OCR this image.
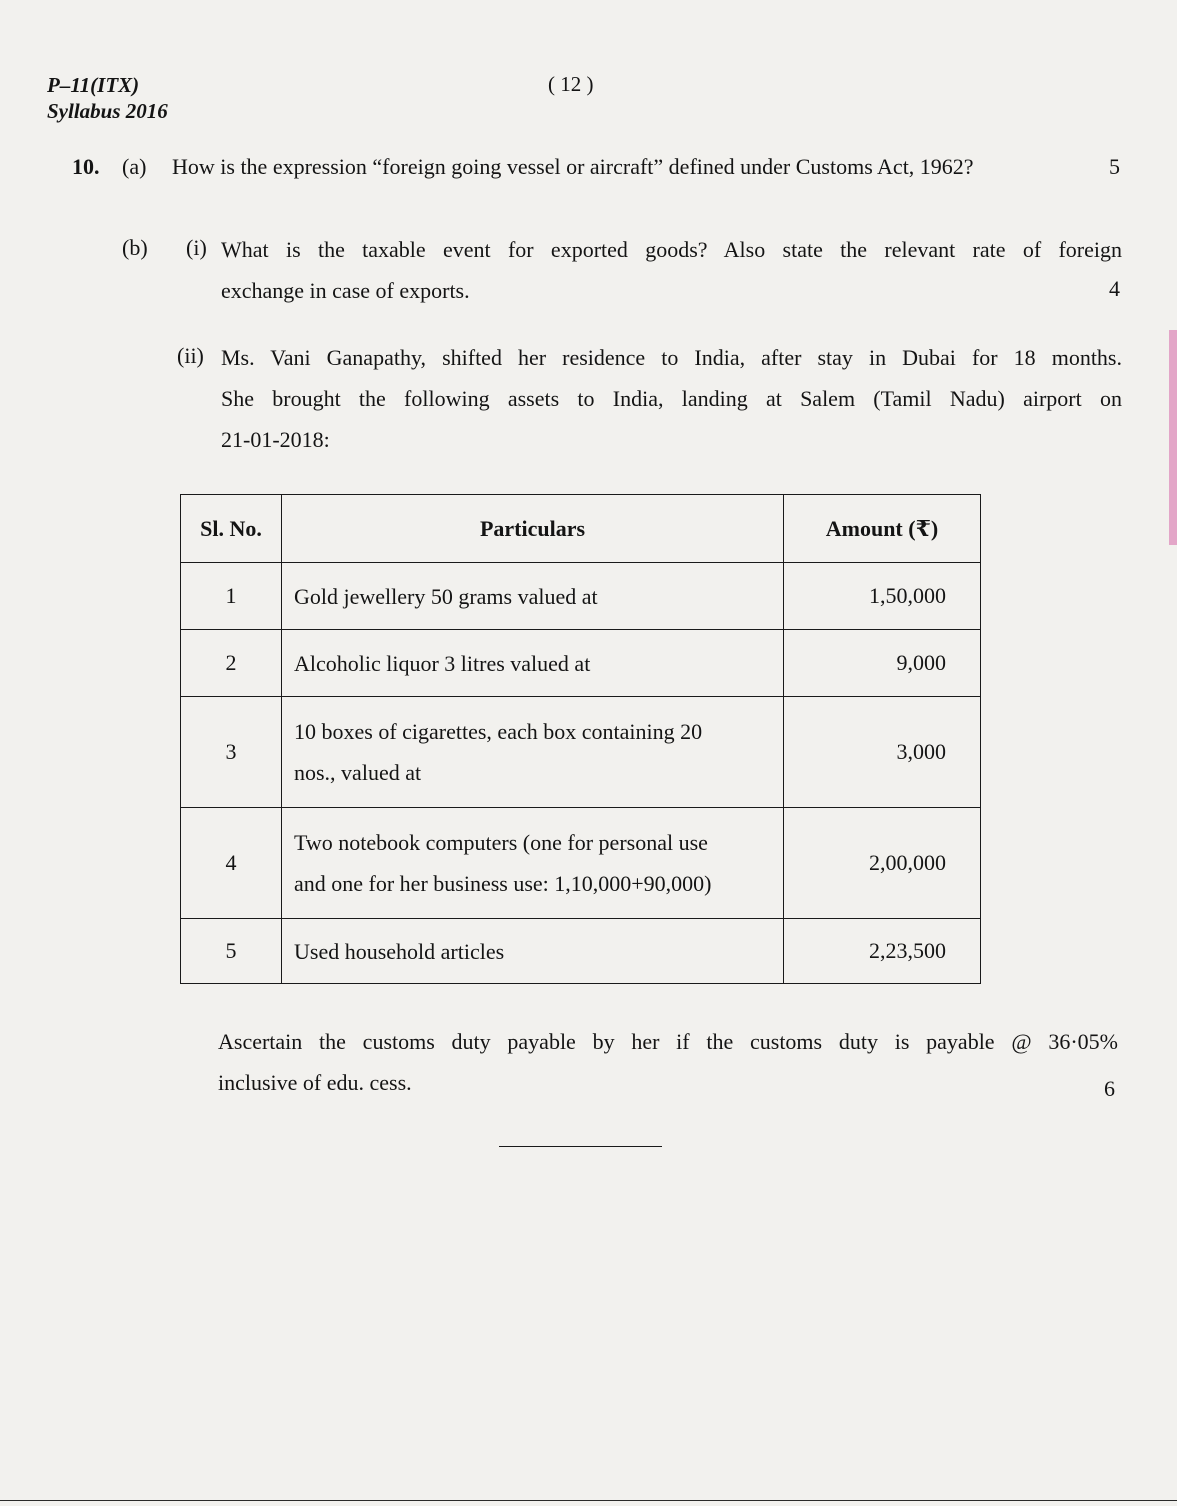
P–11(ITX)
Syllabus 2016
( 12 )
10. (a) How is the expression “foreign going vessel or aircraft” defined under Customs Act, 1962?	5
(b) (i) What is the taxable event for exported goods? Also state the relevant rate of foreign
exchange in case of exports.	4
(ii) Ms. Vani Ganapathy, shifted her residence to India, after stay in Dubai for 18 months.
She brought the following assets to India, landing at Salem (Tamil Nadu) airport on
21-01-2018:
Sl. No.	Particulars	Amount (₹)
1	Gold jewellery 50 grams valued at	1,50,000
2	Alcoholic liquor 3 litres valued at	9,000
3	10 boxes of cigarettes, each box containing 20
nos., valued at	3,000
4	Two notebook computers (one for personal use
and one for her business use: 1,10,000+90,000)	2,00,000
5	Used household articles	2,23,500
Ascertain the customs duty payable by her if the customs duty is payable @ 36·05%
inclusive of edu. cess.	6
